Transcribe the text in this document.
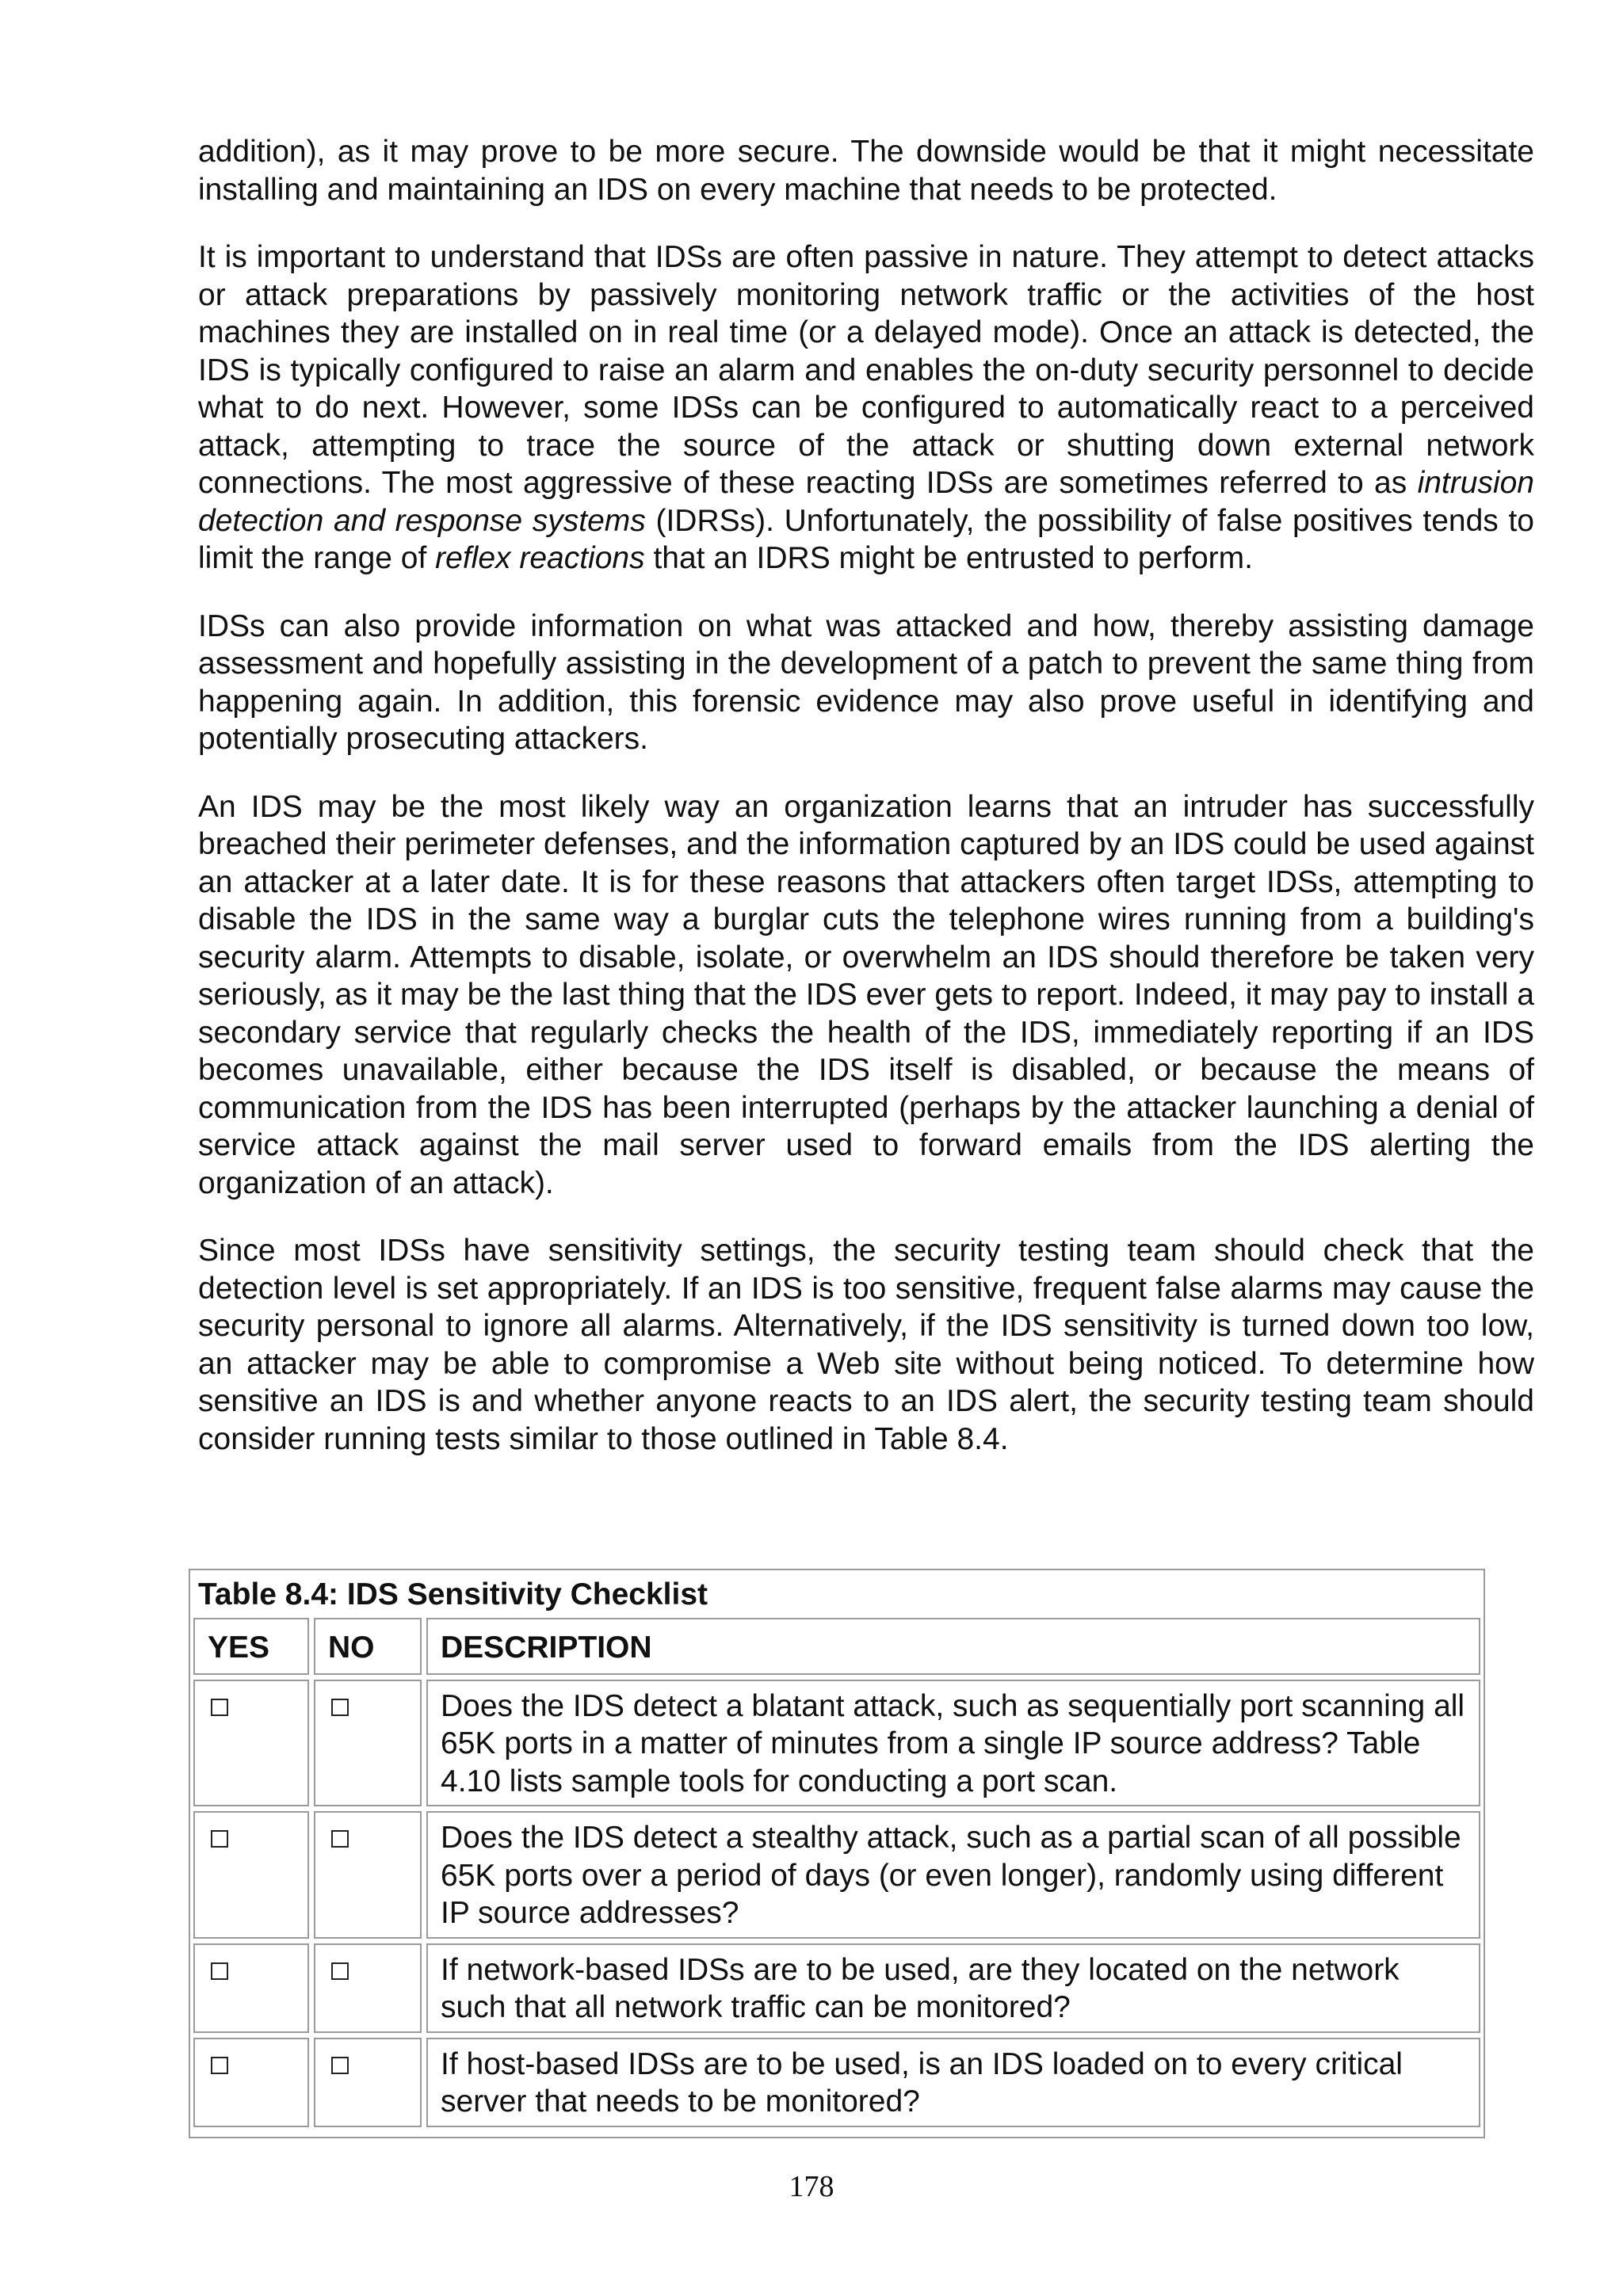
addition), as it may prove to be more secure. The downside would be that it might necessitate installing and maintaining an IDS on every machine that needs to be protected.

It is important to understand that IDSs are often passive in nature. They attempt to detect attacks or attack preparations by passively monitoring network traffic or the activities of the host machines they are installed on in real time (or a delayed mode). Once an attack is detected, the IDS is typically configured to raise an alarm and enables the on-duty security personnel to decide what to do next. However, some IDSs can be configured to automatically react to a perceived attack, attempting to trace the source of the attack or shutting down external network connections. The most aggressive of these reacting IDSs are sometimes referred to as intrusion detection and response systems (IDRSs). Unfortunately, the possibility of false positives tends to limit the range of reflex reactions that an IDRS might be entrusted to perform.

IDSs can also provide information on what was attacked and how, thereby assisting damage assessment and hopefully assisting in the development of a patch to prevent the same thing from happening again. In addition, this forensic evidence may also prove useful in identifying and potentially prosecuting attackers.

An IDS may be the most likely way an organization learns that an intruder has successfully breached their perimeter defenses, and the information captured by an IDS could be used against an attacker at a later date. It is for these reasons that attackers often target IDSs, attempting to disable the IDS in the same way a burglar cuts the telephone wires running from a building's security alarm. Attempts to disable, isolate, or overwhelm an IDS should therefore be taken very seriously, as it may be the last thing that the IDS ever gets to report. Indeed, it may pay to install a secondary service that regularly checks the health of the IDS, immediately reporting if an IDS becomes unavailable, either because the IDS itself is disabled, or because the means of communication from the IDS has been interrupted (perhaps by the attacker launching a denial of service attack against the mail server used to forward emails from the IDS alerting the organization of an attack).

Since most IDSs have sensitivity settings, the security testing team should check that the detection level is set appropriately. If an IDS is too sensitive, frequent false alarms may cause the security personal to ignore all alarms. Alternatively, if the IDS sensitivity is turned down too low, an attacker may be able to compromise a Web site without being noticed. To determine how sensitive an IDS is and whether anyone reacts to an IDS alert, the security testing team should consider running tests similar to those outlined in Table 8.4.

Table 8.4: IDS Sensitivity Checklist
YES	NO	DESCRIPTION
		Does the IDS detect a blatant attack, such as sequentially port scanning all 65K ports in a matter of minutes from a single IP source address? Table 4.10 lists sample tools for conducting a port scan.
		Does the IDS detect a stealthy attack, such as a partial scan of all possible 65K ports over a period of days (or even longer), randomly using different IP source addresses?
		If network-based IDSs are to be used, are they located on the network such that all network traffic can be monitored?
		If host-based IDSs are to be used, is an IDS loaded on to every critical server that needs to be monitored?
178
